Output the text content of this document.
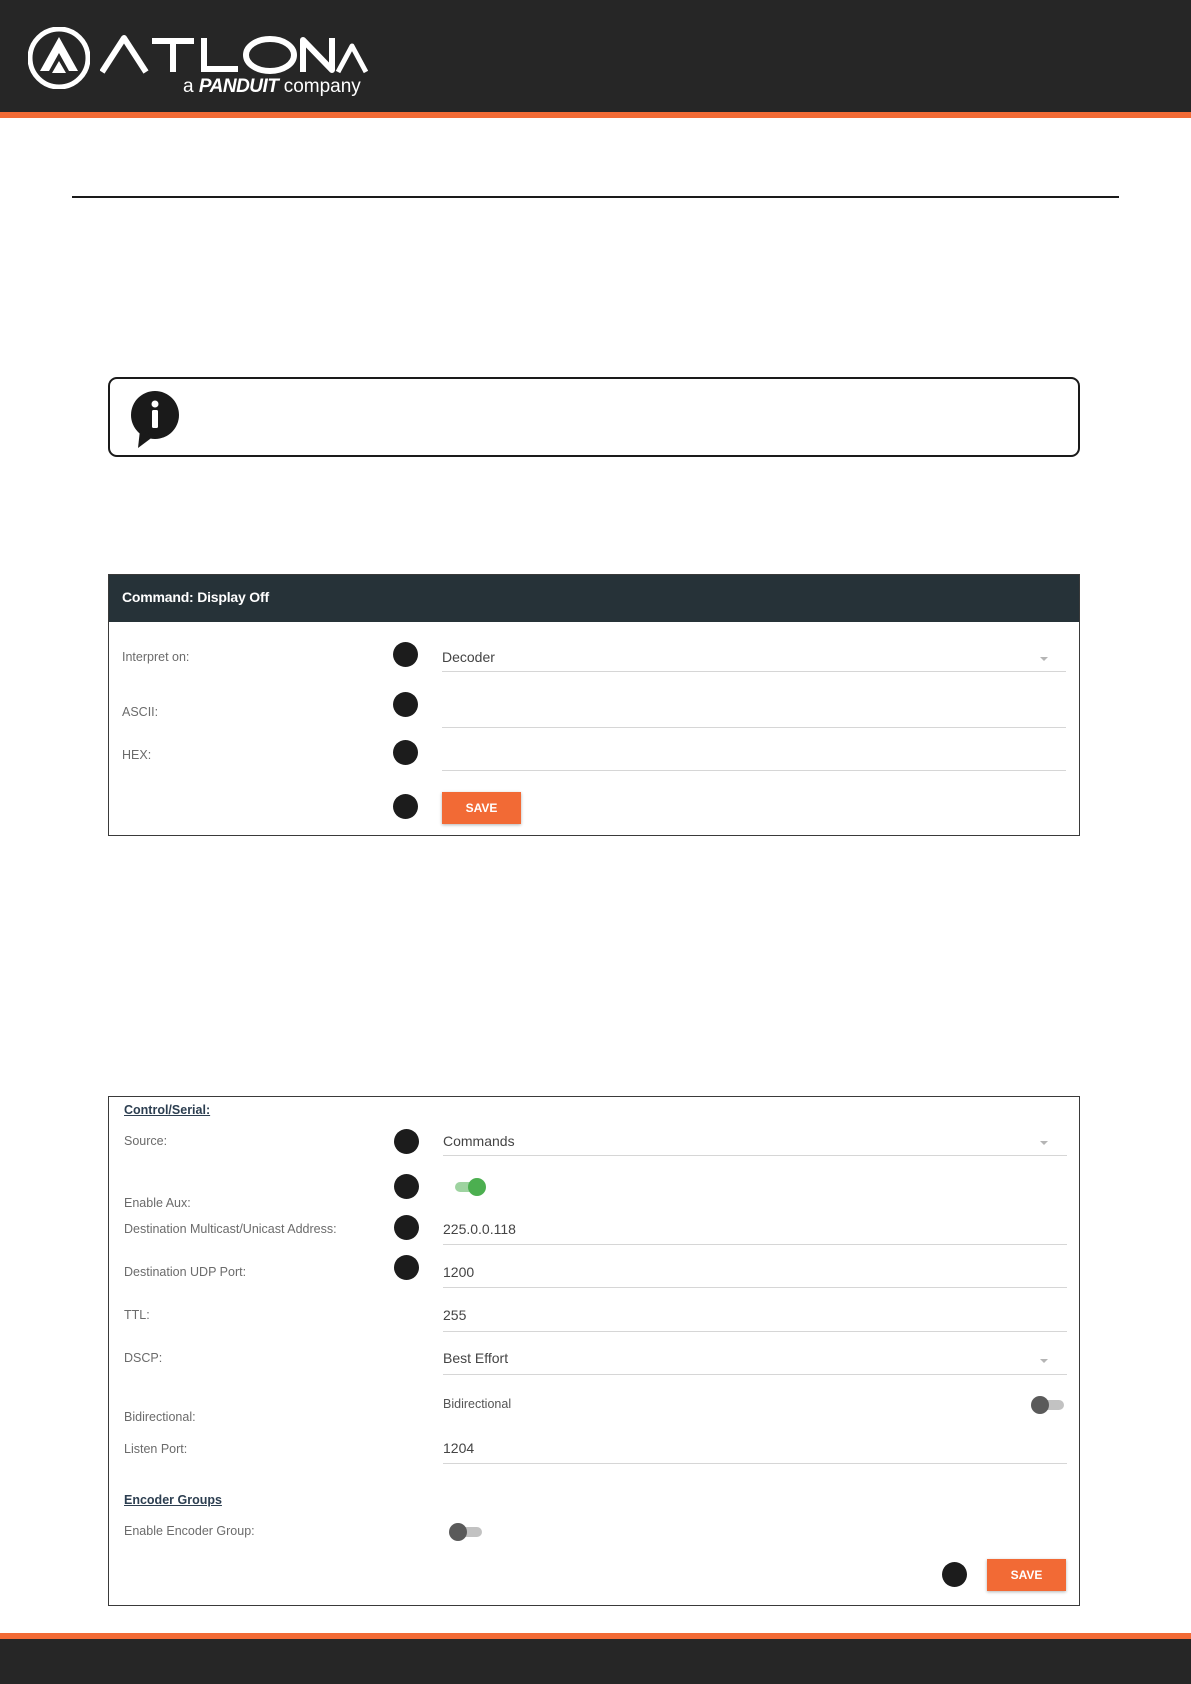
a PANDUIT company
Command: Display Off
Interpret on:	Decoder
ASCII:
HEX:
SAVE
Control/Serial:
Source:	Commands
Enable Aux:
Destination Multicast/Unicast Address:	225.0.0.118
Destination UDP Port:	1200
TTL:	255
DSCP:	Best Effort
Bidirectional:
Bidirectional
Listen Port:	1204
Encoder Groups
Enable Encoder Group:
SAVE
